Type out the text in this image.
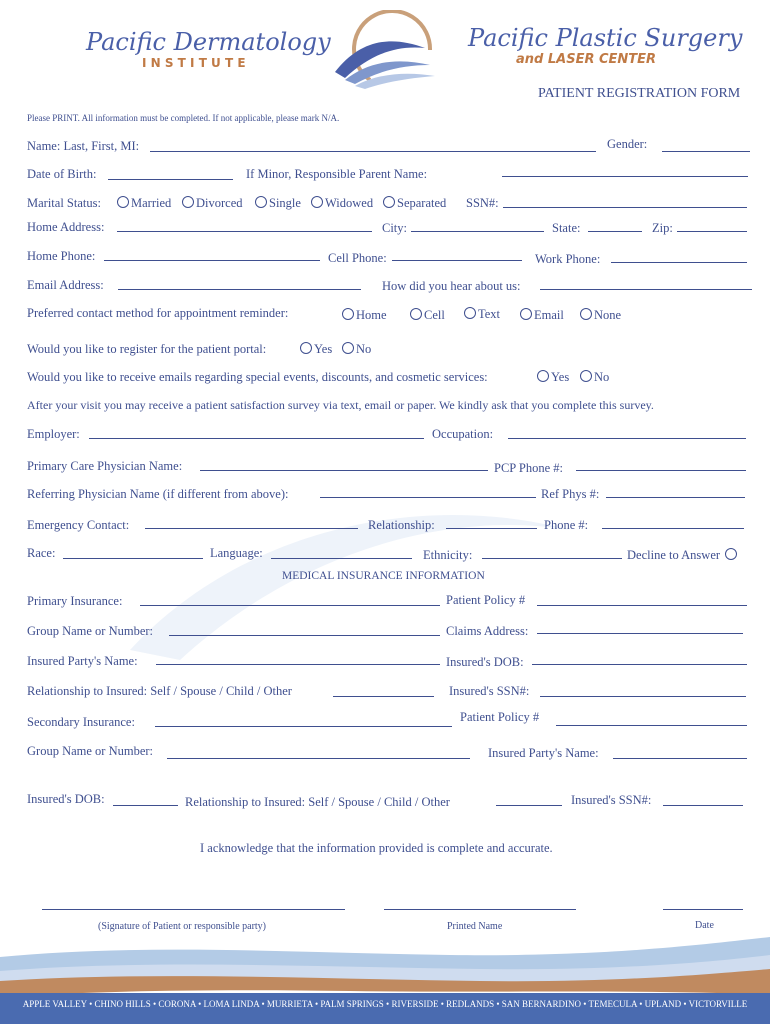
Pacific Dermatology
I N S T I T U T E
Pacific Plastic Surgery
and LASER CENTER
PATIENT REGISTRATION FORM
Please PRINT. All information must be completed. If not applicable, please mark N/A.
Name: Last, First, MI:	Gender:
Date of Birth:	If Minor, Responsible Parent Name:
Marital Status:	Married	Divorced	Single	Widowed	Separated SSN#:
Home Address:	City:	State:	Zip:
Home Phone:	Cell Phone:	Work Phone:
Email Address:	How did you hear about us:
Preferred contact method for appointment reminder:	Home	Cell	Text	Email	None
Would you like to register for the patient portal:	Yes	No
Would you like to receive emails regarding special events, discounts, and cosmetic services:	Yes	No
After your visit you may receive a patient satisfaction survey via text, email or paper. We kindly ask that you complete this survey.
Employer:	Occupation:
Primary Care Physician Name:	PCP Phone #:
Referring Physician Name (if different from above):	Ref Phys #:
Emergency Contact:	Relationship:	Phone #:
Race:	Language:	Ethnicity:	Decline to Answer
MEDICAL INSURANCE INFORMATION
Primary Insurance:	Patient Policy #
Group Name or Number:	Claims Address:
Insured Party's Name:	Insured's DOB:
Relationship to Insured: Self / Spouse / Child / Other	Insured's SSN#:
Secondary Insurance:	Patient Policy #
Group Name or Number:	Insured Party's Name:
Insured's DOB:	Relationship to Insured: Self / Spouse / Child / Other	Insured's SSN#:
I acknowledge that the information provided is complete and accurate.
(Signature of Patient or responsible party)	Printed Name	Date
APPLE VALLEY • CHINO HILLS • CORONA • LOMA LINDA • MURRIETA • PALM SPRINGS • RIVERSIDE • REDLANDS • SAN BERNARDINO • TEMECULA • UPLAND • VICTORVILLE
